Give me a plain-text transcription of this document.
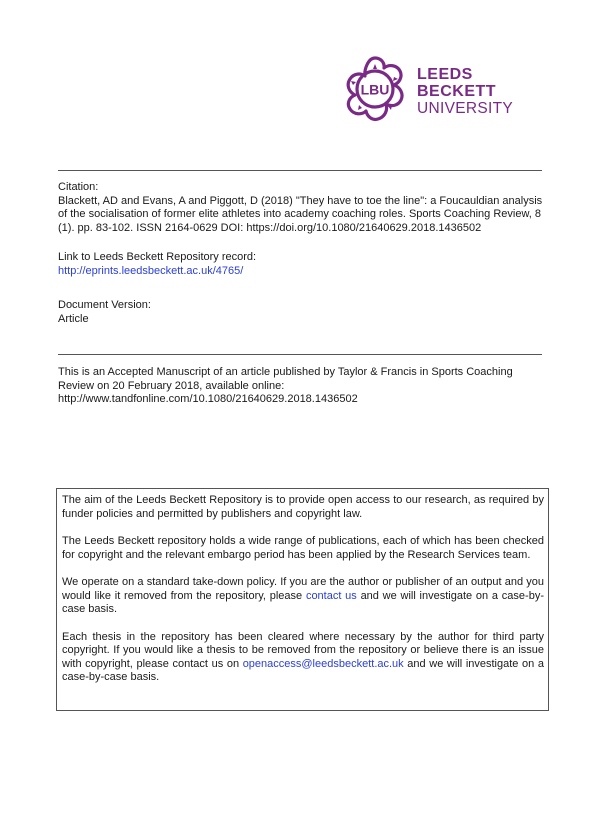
LBU
LEEDS
BECKETT
UNIVERSITY

Citation:

Blackett, AD and Evans, A and Piggott, D (2018) "They have to toe the line": a Foucauldian analysis of the socialisation of former elite athletes into academy coaching roles. Sports Coaching Review, 8 (1). pp. 83-102. ISSN 2164-0629 DOI: https://doi.org/10.1080/21640629.2018.1436502

Link to Leeds Beckett Repository record:

http://eprints.leedsbeckett.ac.uk/4765/

Document Version:

Article

This is an Accepted Manuscript of an article published by Taylor & Francis in Sports Coaching Review on 20 February 2018, available online: http://www.tandfonline.com/10.1080/21640629.2018.1436502

The aim of the Leeds Beckett Repository is to provide open access to our research, as required by funder policies and permitted by publishers and copyright law.

The Leeds Beckett repository holds a wide range of publications, each of which has been checked for copyright and the relevant embargo period has been applied by the Research Services team.

We operate on a standard take-down policy. If you are the author or publisher of an output and you would like it removed from the repository, please contact us and we will investigate on a case-by-case basis.

Each thesis in the repository has been cleared where necessary by the author for third party copyright. If you would like a thesis to be removed from the repository or believe there is an issue with copyright, please contact us on openaccess@leedsbeckett.ac.uk and we will investigate on a case-by-case basis.
